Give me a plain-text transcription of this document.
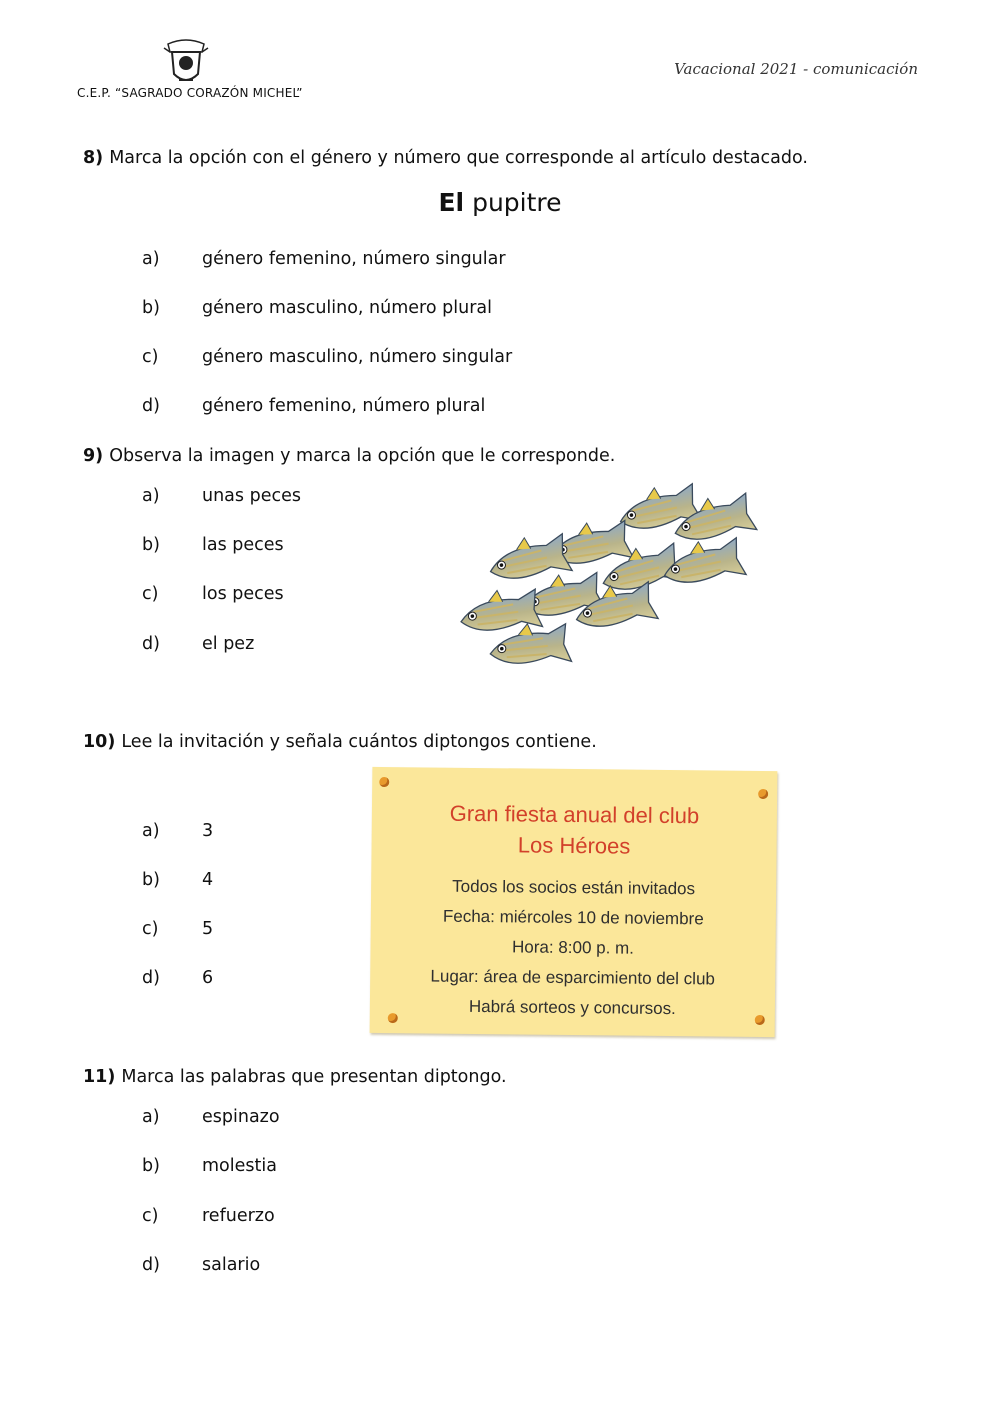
C.E.P. “SAGRADO CORAZÓN MICHEL”
Vacacional 2021 - comunicación
8) Marca la opción con el género y número que corresponde al artículo destacado.
El pupitre
a) género femenino, número singular
b) género masculino, número plural
c) género masculino, número singular
d) género femenino, número plural
9) Observa la imagen y marca la opción que le corresponde.
a) unas peces
b) las peces
c) los peces
d) el pez
10) Lee la invitación y señala cuántos diptongos contiene.
a) 3
b) 4
c) 5
d) 6
Gran fiesta anual del club
Los Héroes
Todos los socios están invitados
Fecha: miércoles 10 de noviembre
Hora: 8:00 p. m.
Lugar: área de esparcimiento del club
Habrá sorteos y concursos.
11) Marca las palabras que presentan diptongo.
a) espinazo
b) molestia
c) refuerzo
d) salario
